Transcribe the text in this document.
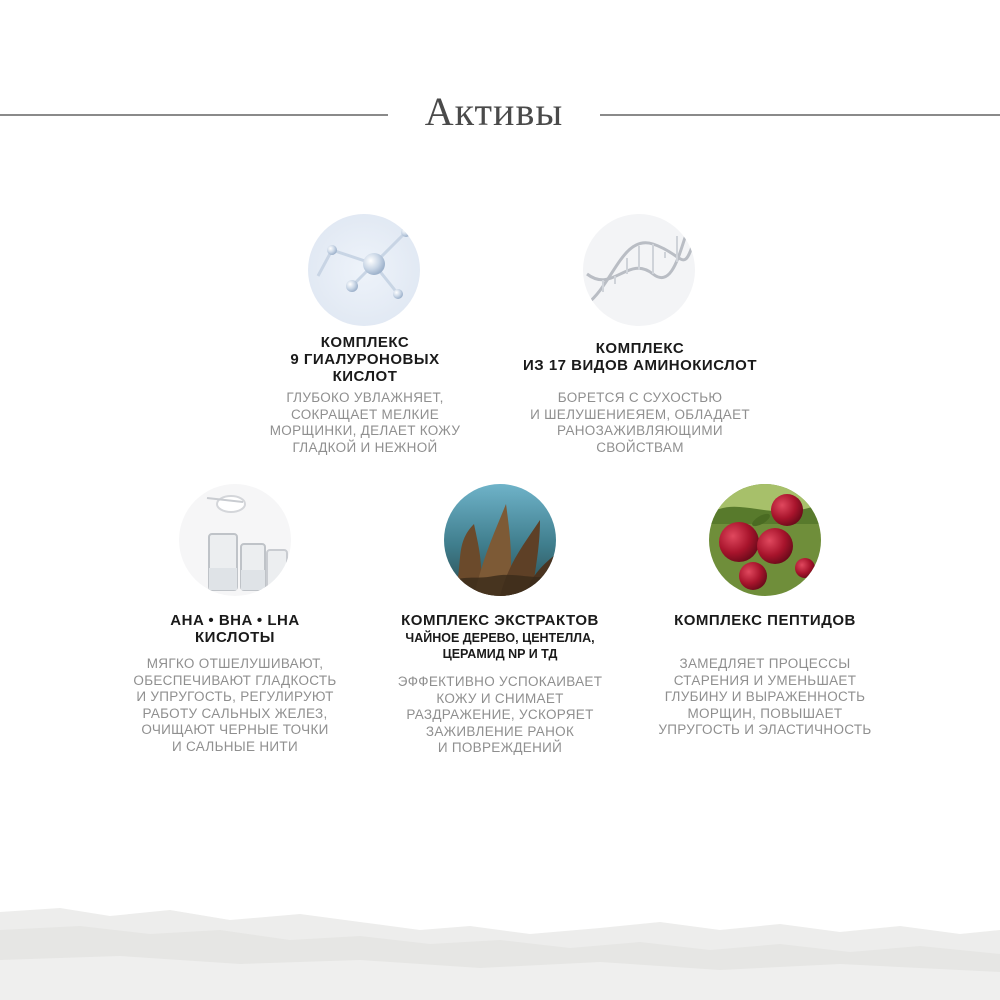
Активы
КОМПЛЕКС
9 ГИАЛУРОНОВЫХ
КИСЛОТ
ГЛУБОКО УВЛАЖНЯЕТ,
СОКРАЩАЕТ МЕЛКИЕ
МОРЩИНКИ, ДЕЛАЕТ КОЖУ
ГЛАДКОЙ И НЕЖНОЙ
КОМПЛЕКС
ИЗ 17 ВИДОВ АМИНОКИСЛОТ
БОРЕТСЯ С СУХОСТЬЮ
И ШЕЛУШЕНИЕЯЕМ, ОБЛАДАЕТ
РАНОЗАЖИВЛЯЮЩИМИ
СВОЙСТВАМ
AHA • BHA • LHA
КИСЛОТЫ
МЯГКО ОТШЕЛУШИВАЮТ,
ОБЕСПЕЧИВАЮТ ГЛАДКОСТЬ
И УПРУГОСТЬ, РЕГУЛИРУЮТ
РАБОТУ САЛЬНЫХ ЖЕЛЕЗ,
ОЧИЩАЮТ ЧЕРНЫЕ ТОЧКИ
И САЛЬНЫЕ НИТИ
КОМПЛЕКС ЭКСТРАКТОВ
ЧАЙНОЕ ДЕРЕВО, ЦЕНТЕЛЛА,
ЦЕРАМИД NP И ТД
ЭФФЕКТИВНО УСПОКАИВАЕТ
КОЖУ И СНИМАЕТ
РАЗДРАЖЕНИЕ, УСКОРЯЕТ
ЗАЖИВЛЕНИЕ РАНОК
И ПОВРЕЖДЕНИЙ
КОМПЛЕКС ПЕПТИДОВ
ЗАМЕДЛЯЕТ ПРОЦЕССЫ
СТАРЕНИЯ И УМЕНЬШАЕТ
ГЛУБИНУ И ВЫРАЖЕННОСТЬ
МОРЩИН, ПОВЫШАЕТ
УПРУГОСТЬ И ЭЛАСТИЧНОСТЬ
